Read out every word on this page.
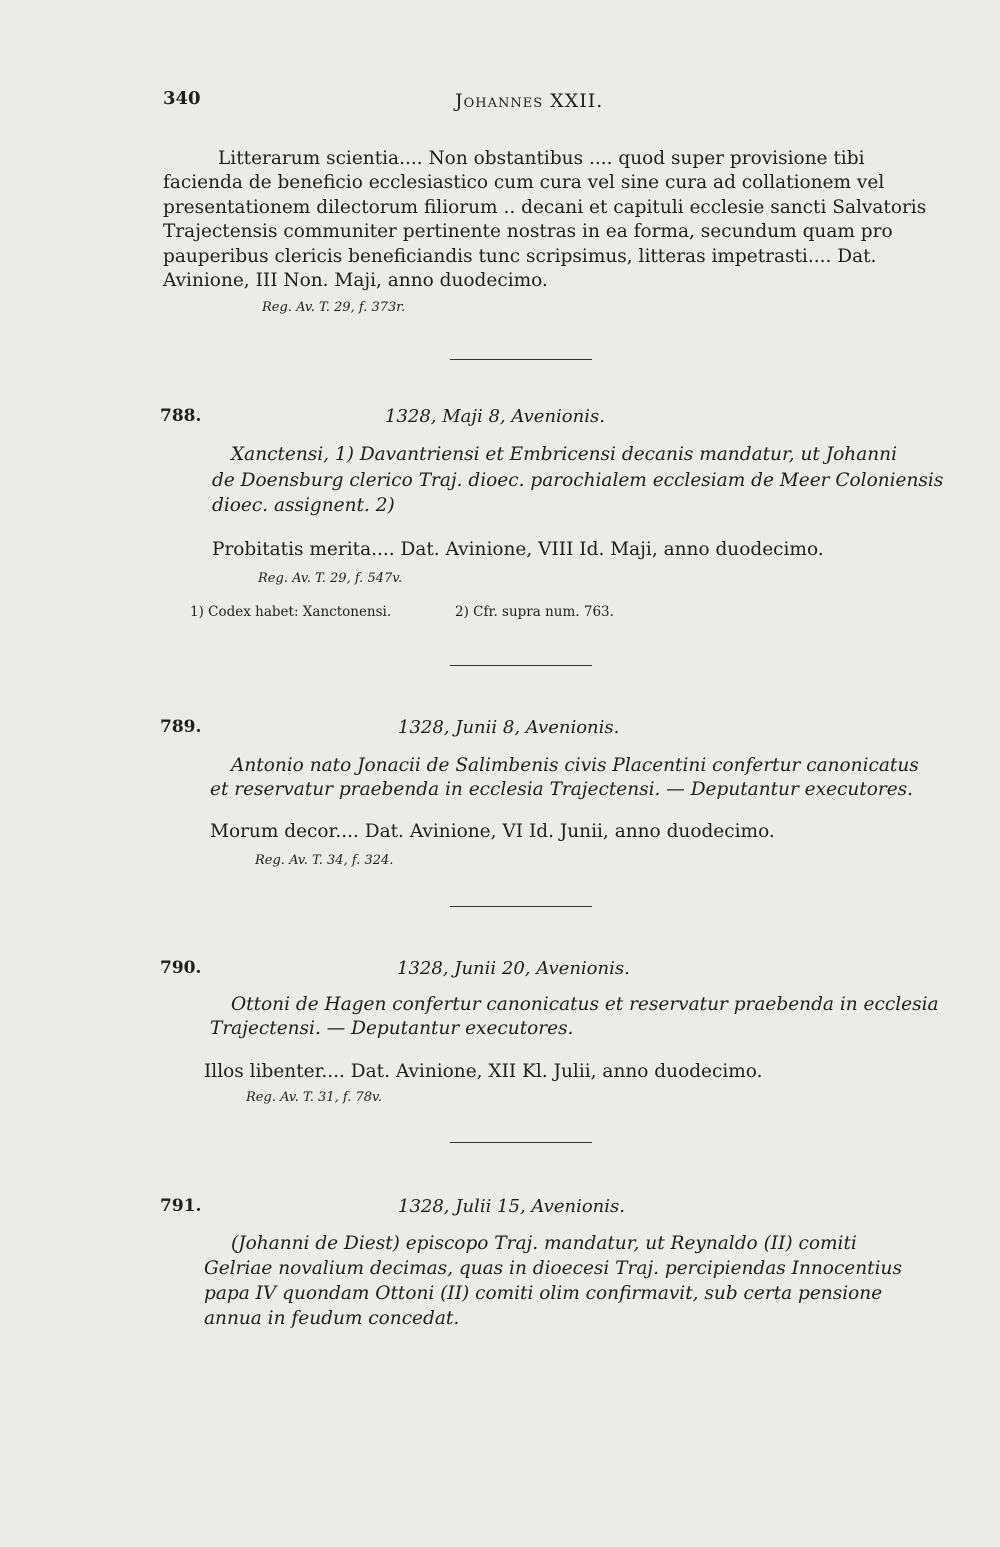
340	Johannes XXII.
Litterarum scientia.... Non obstantibus .... quod super provisione tibi
facienda de beneficio ecclesiastico cum cura vel sine cura ad collationem vel
presentationem dilectorum filiorum .. decani et capituli ecclesie sancti Salvatoris
Trajectensis communiter pertinente nostras in ea forma, secundum quam pro
pauperibus clericis beneficiandis tunc scripsimus, litteras impetrasti.... Dat.
Avinione, III Non. Maji, anno duodecimo.
Reg. Av. T. 29, f. 373r.
788.	1328, Maji 8, Avenionis.
Xanctensi, 1) Davantriensi et Embricensi decanis mandatur, ut Johanni
de Doensburg clerico Traj. dioec. parochialem ecclesiam de Meer Coloniensis
dioec. assignent. 2)
Probitatis merita.... Dat. Avinione, VIII Id. Maji, anno duodecimo.
Reg. Av. T. 29, f. 547v.
1) Codex habet: Xanctonensi.	2) Cfr. supra num. 763.
789.	1328, Junii 8, Avenionis.
Antonio nato Jonacii de Salimbenis civis Placentini confertur canonicatus
et reservatur praebenda in ecclesia Trajectensi. — Deputantur executores.
Morum decor.... Dat. Avinione, VI Id. Junii, anno duodecimo.
Reg. Av. T. 34, f. 324.
790.	1328, Junii 20, Avenionis.
Ottoni de Hagen confertur canonicatus et reservatur praebenda in ecclesia
Trajectensi. — Deputantur executores.
Illos libenter.... Dat. Avinione, XII Kl. Julii, anno duodecimo.
Reg. Av. T. 31, f. 78v.
791.	1328, Julii 15, Avenionis.
(Johanni de Diest) episcopo Traj. mandatur, ut Reynaldo (II) comiti
Gelriae novalium decimas, quas in dioecesi Traj. percipiendas Innocentius
papa IV quondam Ottoni (II) comiti olim confirmavit, sub certa pensione
annua in feudum concedat.
